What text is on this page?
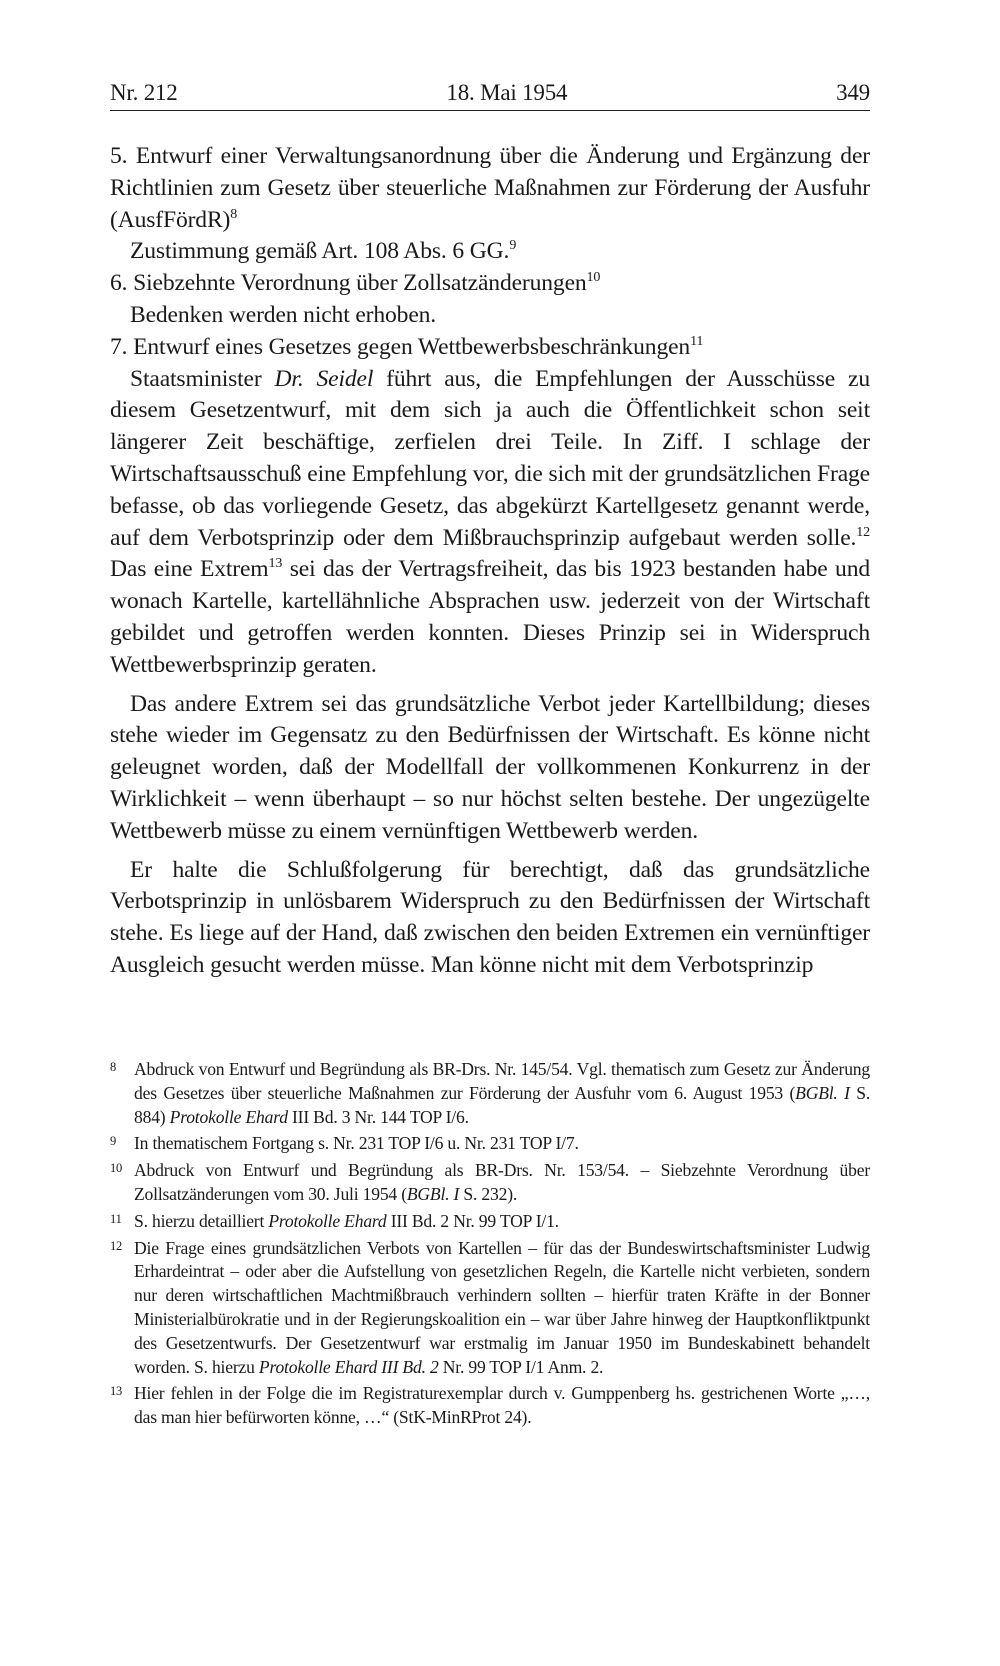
Nr. 212	18. Mai 1954	349

5. Entwurf einer Verwaltungsanordnung über die Änderung und Ergänzung der Richtlinien zum Gesetz über steuerliche Maßnahmen zur Förderung der Ausfuhr (AusfFördR)$^8$

Zustimmung gemäß Art. 108 Abs. 6 GG.$^9$

6. Siebzehnte Verordnung über Zollsatzänderungen$^{10}$

Bedenken werden nicht erhoben.

7. Entwurf eines Gesetzes gegen Wettbewerbsbeschränkungen$^{11}$

Staatsminister Dr. Seidel führt aus, die Empfehlungen der Ausschüsse zu diesem Gesetzentwurf, mit dem sich ja auch die Öffentlichkeit schon seit längerer Zeit beschäftige, zerfielen drei Teile. In Ziff. I schlage der Wirtschaftsausschuß eine Empfehlung vor, die sich mit der grundsätzlichen Frage befasse, ob das vorliegende Gesetz, das abgekürzt Kartellgesetz genannt werde, auf dem Verbotsprinzip oder dem Mißbrauchsprinzip aufgebaut werden solle.$^{12}$ Das eine Extrem$^{13}$ sei das der Vertragsfreiheit, das bis 1923 bestanden habe und wonach Kartelle, kartellähnliche Absprachen usw. jederzeit von der Wirtschaft gebildet und getroffen werden konnten. Dieses Prinzip sei in Widerspruch Wettbewerbsprinzip geraten.

Das andere Extrem sei das grundsätzliche Verbot jeder Kartellbildung; dieses stehe wieder im Gegensatz zu den Bedürfnissen der Wirtschaft. Es könne nicht geleugnet worden, daß der Modellfall der vollkommenen Konkurrenz in der Wirklichkeit – wenn überhaupt – so nur höchst selten bestehe. Der ungezügelte Wettbewerb müsse zu einem vernünftigen Wettbewerb werden.

Er halte die Schlußfolgerung für berechtigt, daß das grundsätzliche Verbotsprinzip in unlösbarem Widerspruch zu den Bedürfnissen der Wirtschaft stehe. Es liege auf der Hand, daß zwischen den beiden Extremen ein vernünftiger Ausgleich gesucht werden müsse. Man könne nicht mit dem Verbotsprinzip

8	Abdruck von Entwurf und Begründung als BR-Drs. Nr. 145/54. Vgl. thematisch zum Gesetz zur Änderung des Gesetzes über steuerliche Maßnahmen zur Förderung der Ausfuhr vom 6. August 1953 (BGBl. I S. 884) Protokolle Ehard III Bd. 3 Nr. 144 TOP I/6.
9	In thematischem Fortgang s. Nr. 231 TOP I/6 u. Nr. 231 TOP I/7.
10 Abdruck von Entwurf und Begründung als BR-Drs. Nr. 153/54. – Siebzehnte Verordnung über Zollsatzänderungen vom 30. Juli 1954 (BGBl. I S. 232).
11 S. hierzu detailliert Protokolle Ehard III Bd. 2 Nr. 99 TOP I/1.
12 Die Frage eines grundsätzlichen Verbots von Kartellen – für das der Bundeswirtschaftsminister Ludwig Erhardeintrat – oder aber die Aufstellung von gesetzlichen Regeln, die Kartelle nicht verbieten, sondern nur deren wirtschaftlichen Machtmißbrauch verhindern sollten – hierfür traten Kräfte in der Bonner Ministerialbürokratie und in der Regierungskoalition ein – war über Jahre hinweg der Hauptkonfliktpunkt des Gesetzentwurfs. Der Gesetzentwurf war erstmalig im Januar 1950 im Bundeskabinett behandelt worden. S. hierzu Protokolle Ehard III Bd. 2 Nr. 99 TOP I/1 Anm. 2.
13 Hier fehlen in der Folge die im Registraturexemplar durch v. Gumppenberg hs. gestrichenen Worte „…, das man hier befürworten könne, …“ (StK-MinRProt 24).
